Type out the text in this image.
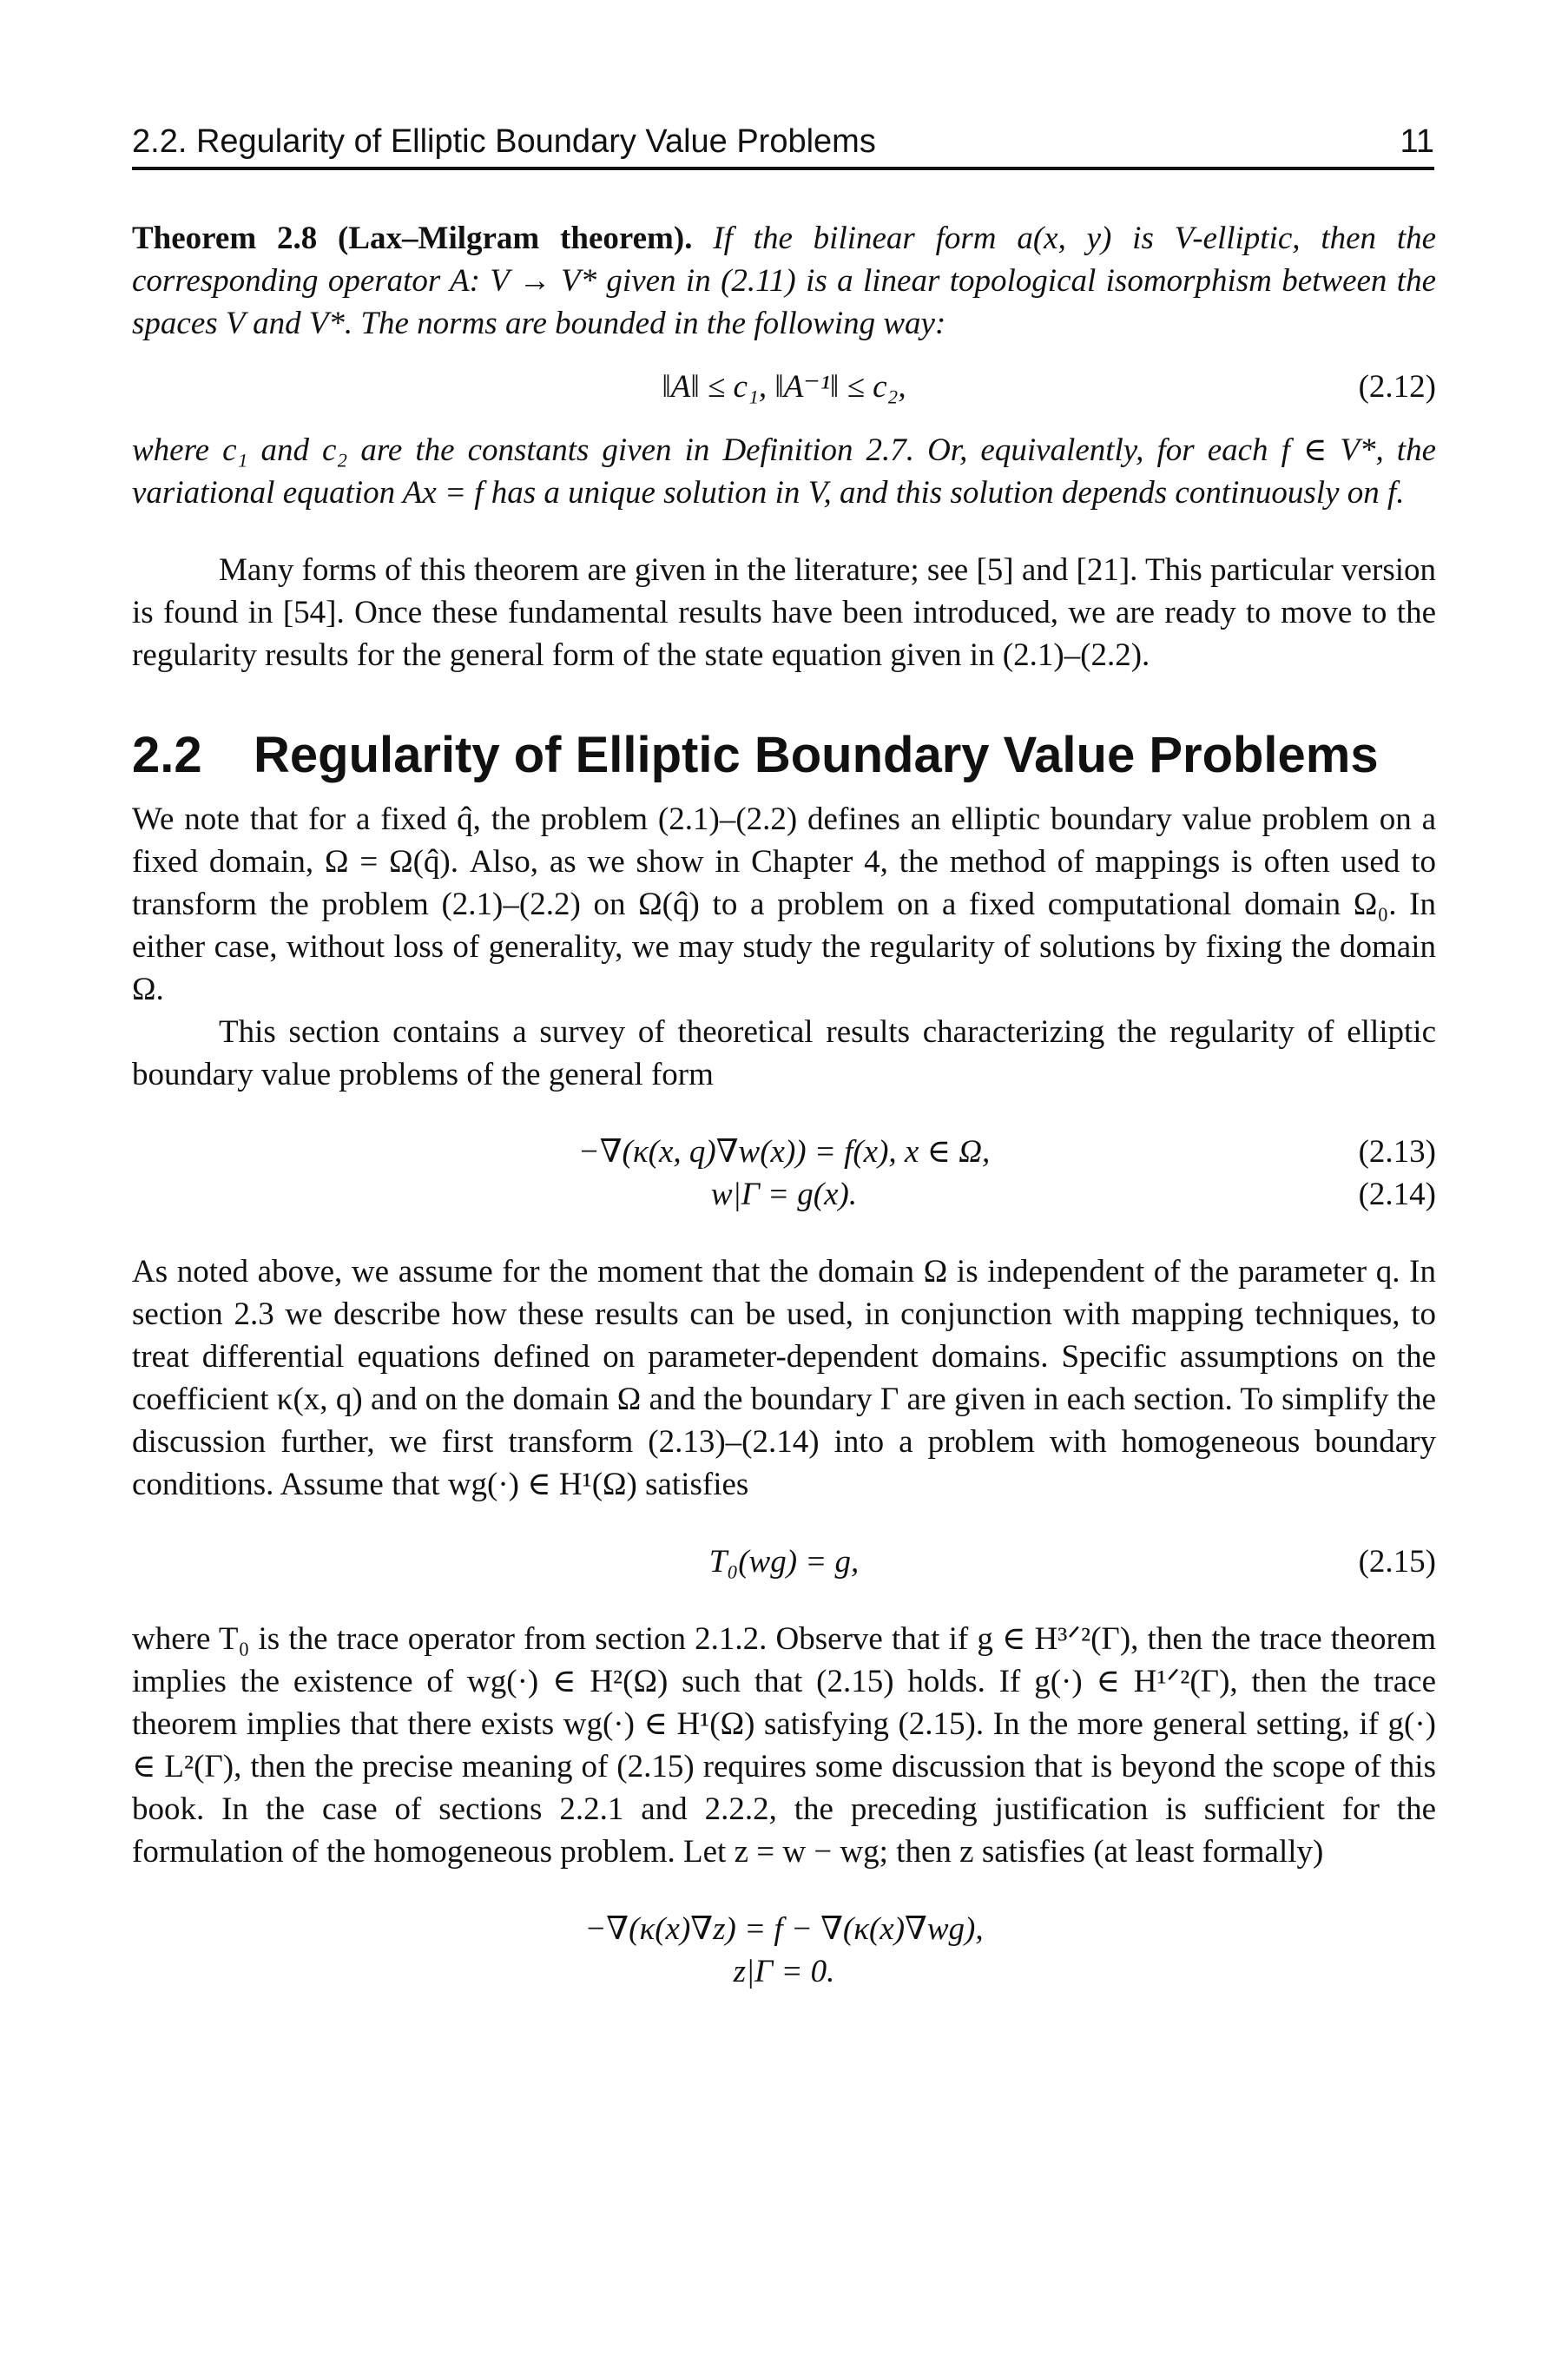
2.2. Regularity of Elliptic Boundary Value Problems	11

Theorem 2.8 (Lax–Milgram theorem). If the bilinear form a(x, y) is V-elliptic, then the corresponding operator A: V → V* given in (2.11) is a linear topological isomorphism between the spaces V and V*. The norms are bounded in the following way:

‖A‖ ≤ c₁, ‖A⁻¹‖ ≤ c₂,	(2.12)

where c₁ and c₂ are the constants given in Definition 2.7. Or, equivalently, for each f ∈ V*, the variational equation Ax = f has a unique solution in V, and this solution depends continuously on f.

Many forms of this theorem are given in the literature; see [5] and [21]. This particular version is found in [54]. Once these fundamental results have been introduced, we are ready to move to the regularity results for the general form of the state equation given in (2.1)–(2.2).

2.2 Regularity of Elliptic Boundary Value Problems

We note that for a fixed q̂, the problem (2.1)–(2.2) defines an elliptic boundary value problem on a fixed domain, Ω = Ω(q̂). Also, as we show in Chapter 4, the method of mappings is often used to transform the problem (2.1)–(2.2) on Ω(q̂) to a problem on a fixed computational domain Ω₀. In either case, without loss of generality, we may study the regularity of solutions by fixing the domain Ω.

This section contains a survey of theoretical results characterizing the regularity of elliptic boundary value problems of the general form

−∇(κ(x, q)∇w(x)) = f(x), x ∈ Ω,	(2.13)
w|Γ = g(x).	(2.14)

As noted above, we assume for the moment that the domain Ω is independent of the parameter q. In section 2.3 we describe how these results can be used, in conjunction with mapping techniques, to treat differential equations defined on parameter-dependent domains. Specific assumptions on the coefficient κ(x, q) and on the domain Ω and the boundary Γ are given in each section. To simplify the discussion further, we first transform (2.13)–(2.14) into a problem with homogeneous boundary conditions. Assume that wg(·) ∈ H¹(Ω) satisfies

T₀(wg) = g,	(2.15)

where T₀ is the trace operator from section 2.1.2. Observe that if g ∈ H³ᐟ²(Γ), then the trace theorem implies the existence of wg(·) ∈ H²(Ω) such that (2.15) holds. If g(·) ∈ H¹ᐟ²(Γ), then the trace theorem implies that there exists wg(·) ∈ H¹(Ω) satisfying (2.15). In the more general setting, if g(·) ∈ L²(Γ), then the precise meaning of (2.15) requires some discussion that is beyond the scope of this book. In the case of sections 2.2.1 and 2.2.2, the preceding justification is sufficient for the formulation of the homogeneous problem. Let z = w − wg; then z satisfies (at least formally)

−∇(κ(x)∇z) = f − ∇(κ(x)∇wg),
z|Γ = 0.
